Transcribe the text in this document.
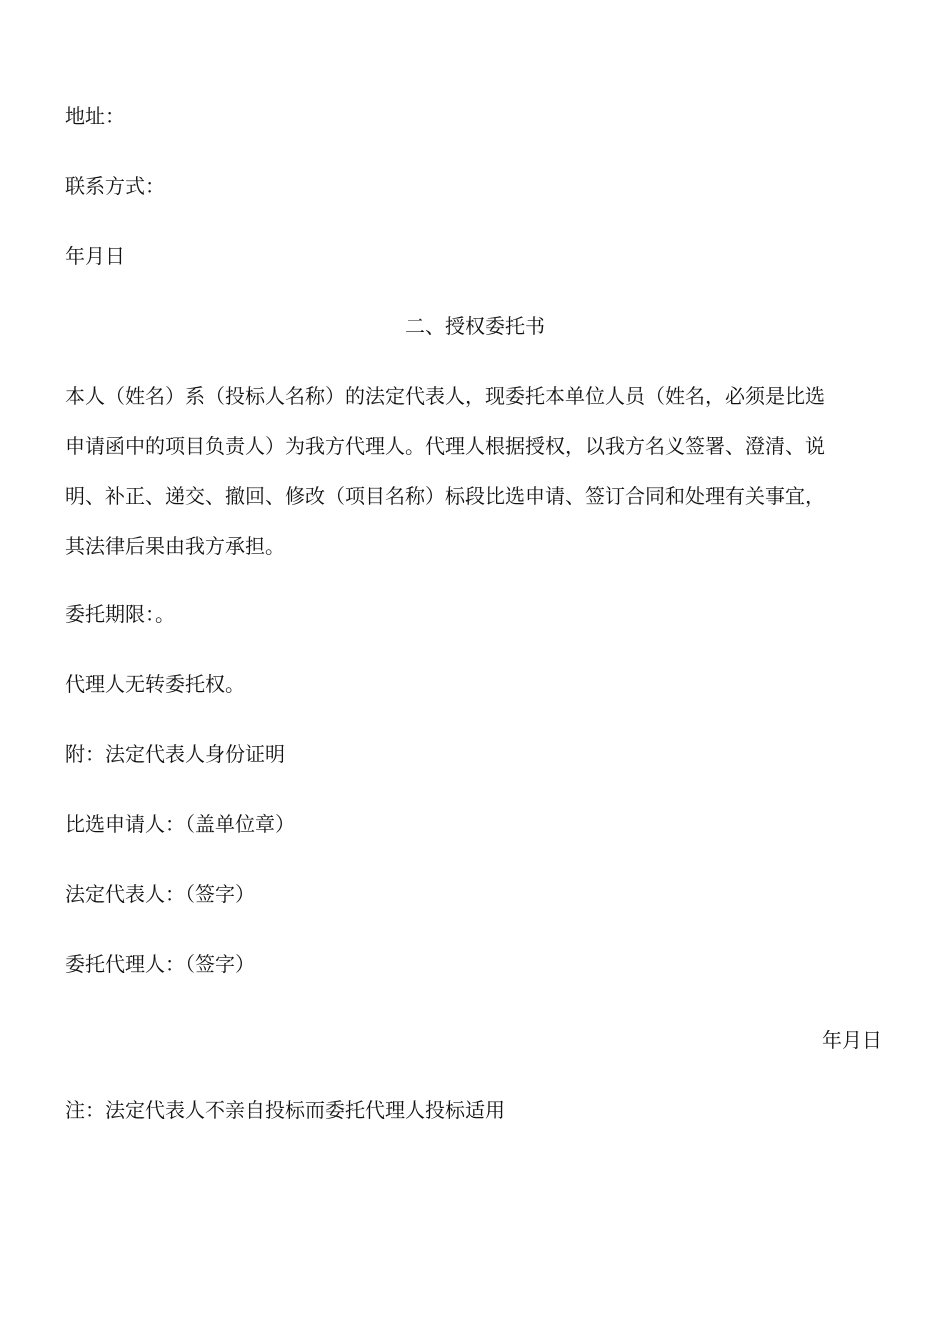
地址：
联系方式：
年月日
二、授权委托书
本人（姓名）系（投标人名称）的法定代表人，现委托本单位人员（姓名，必须是比选
申请函中的项目负责人）为我方代理人。代理人根据授权，以我方名义签署、澄清、说
明、补正、递交、撤回、修改（项目名称）标段比选申请、签订合同和处理有关事宜，
其法律后果由我方承担。
委托期限：。
代理人无转委托权。
附：法定代表人身份证明
比选申请人：（盖单位章）
法定代表人：（签字）
委托代理人：（签字）
年月日
注：法定代表人不亲自投标而委托代理人投标适用
